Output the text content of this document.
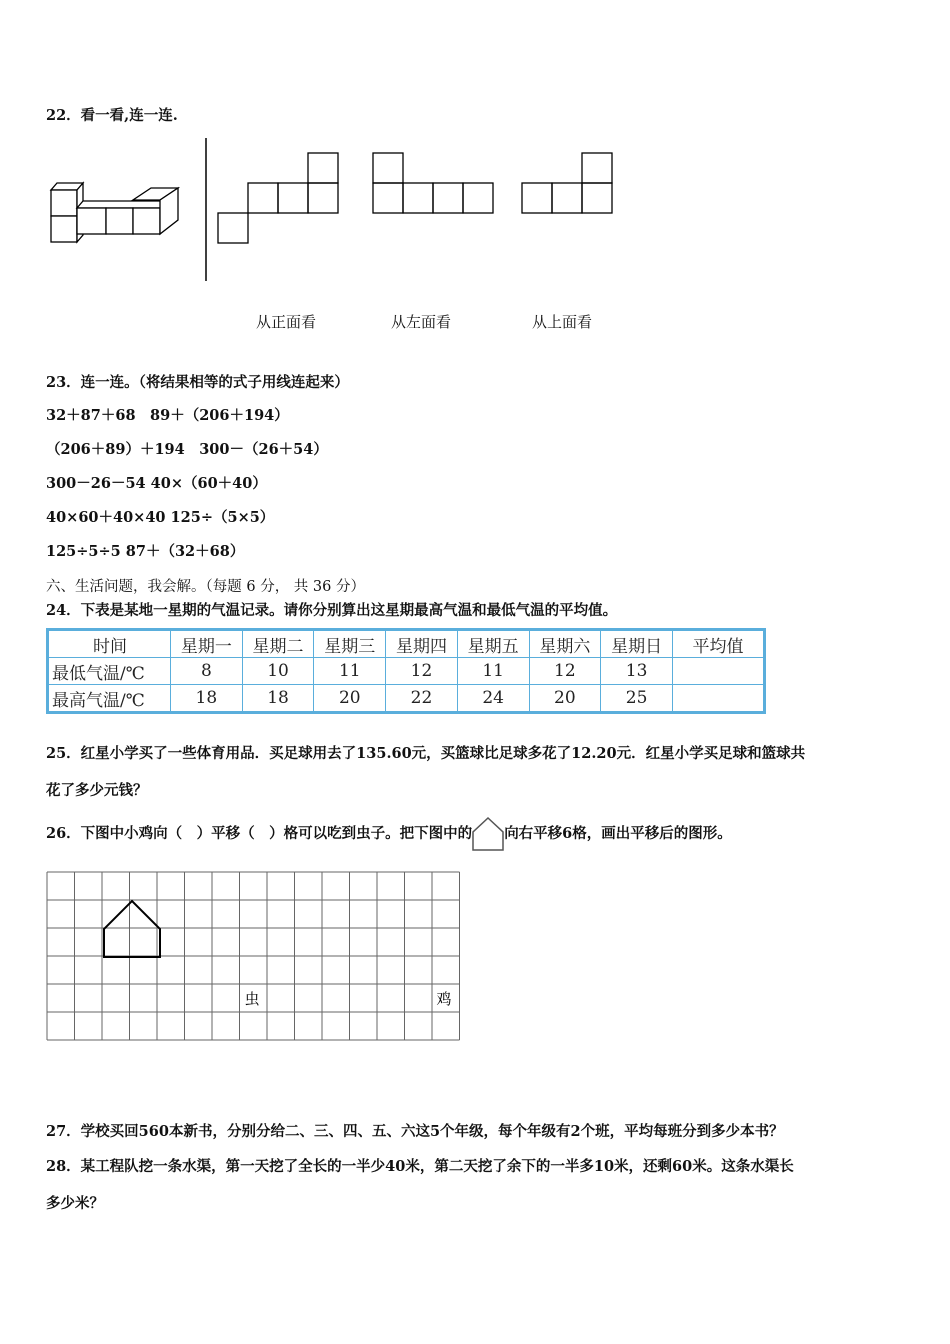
22．看一看,连一连.
从正面看	从左面看	从上面看
23．连一连。（将结果相等的式子用线连起来）
32＋87＋68　89＋（206＋194）
（206＋89）＋194　300－（26＋54）
300－26－54 40×（60＋40）
40×60＋40×40 125÷（5×5）
125÷5÷5 87＋（32＋68）
六、生活问题，我会解。（每题 6 分， 共 36 分）
24．下表是某地一星期的气温记录。请你分别算出这星期最高气温和最低气温的平均值。
时间	星期一	星期二	星期三	星期四	星期五	星期六	星期日	平均值
最低气温/℃	8	10	11	12	11	12	13	
最高气温/℃	18	18	20	22	24	20	25	
25．红星小学买了一些体育用品．买足球用去了135.60元，买篮球比足球多花了12.20元．红星小学买足球和篮球共
花了多少元钱？
26．下图中小鸡向（　）平移（　）格可以吃到虫子。把下图中的 向右平移6格，画出平移后的图形。
虫	鸡
27．学校买回560本新书，分别分给二、三、四、五、六这5个年级，每个年级有2个班，平均每班分到多少本书？
28．某工程队挖一条水渠，第一天挖了全长的一半少40米，第二天挖了余下的一半多10米，还剩60米。这条水渠长
多少米？
